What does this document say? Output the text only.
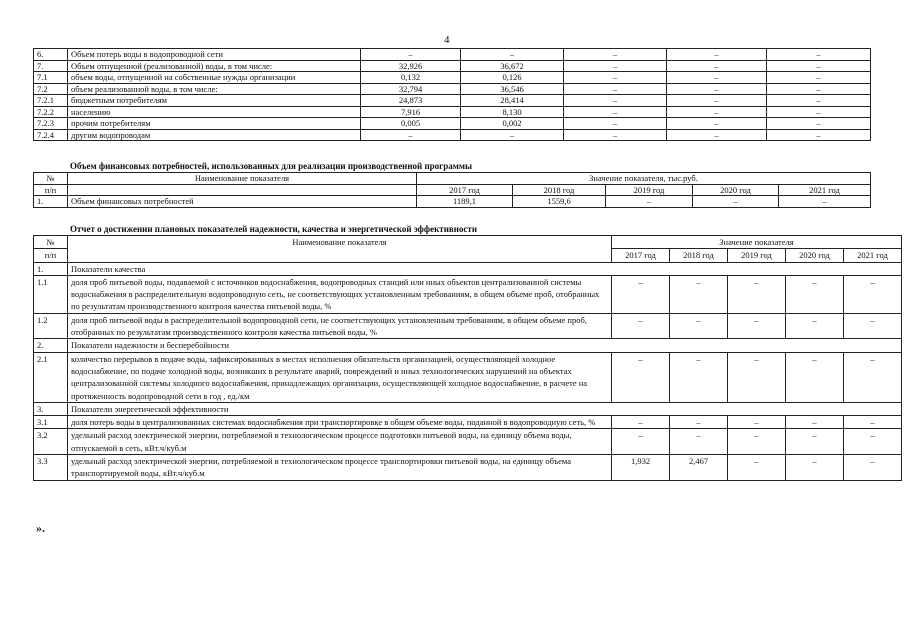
4
6.	Объем потерь воды в водопроводной сети	–	–	–	–	–
7.	Объем отпущенной (реализованной) воды, в том числе:	32,926	36,672	–	–	–
7.1	объем воды, отпущенной на собственные нужды организации	0,132	0,126	–	–	–
7.2	объем реализованной воды, в том числе:	32,794	36,546	–	–	–
7.2.1	бюджетным потребителям	24,873	28,414	–	–	–
7.2.2	населению	7,916	8,130	–	–	–
7.2.3	прочим потребителям	0,005	0,002	–	–	–
7.2.4	другим водопроводам	–	–	–	–	–
Объем финансовых потребностей, использованных для реализации производственной программы
№	Наименование показателя	Значение показателя, тыс.руб.				
п/п		2017 год	2018 год	2019 год	2020 год	2021 год
1.	Объем финансовых потребностей	1189,1	1559,6	–	–	–
Отчет о достижении плановых показателей надежности, качества и энергетической эффективности
№	Наименование показателя	Значение показателя				
п/п		2017 год	2018 год	2019 год	2020 год	2021 год
1.	Показатели качества					
1.1	доля проб питьевой воды, подаваемой с источников водоснабжения, водопроводных станций или иных объектов централизованной системы водоснабжения в распределительную водопроводную сеть, не соответствующих установленным требованиям, в общем объеме проб, отобранных по результатам производственного контроля качества питьевой воды, %	–	–	–	–	–
1.2	доля проб питьевой воды в распределительной водопроводной сети, не соответствующих установленным требованиям, в общем объеме проб, отобранных по результатам производственного контроля качества питьевой воды, %	–	–	–	–	–
2.	Показатели надежности и бесперебойности					
2.1	количество перерывов в подаче воды, зафиксированных в местах исполнения обязательств организацией, осуществляющей холодное водоснабжение, по подаче холодной воды, возникших в результате аварий, повреждений и иных технологических нарушений на объектах централизованной системы холодного водоснабжения, принадлежащих организации, осуществляющей холодное водоснабжение, в расчете на протяженность водопроводной сети в год , ед./км	–	–	–	–	–
3.	Показатели энергетической эффективности					
3.1	доля потерь воды в централизованных системах водоснабжения при транспортировке в общем объеме воды, поданной в водопроводную сеть, %	–	–	–	–	–
3.2	удельный расход электрической энергии, потребляемой в технологическом процессе подготовки питьевой воды, на единицу объема воды, отпускаемой в сеть, кВт.ч/куб.м	–	–	–	–	–
3.3	удельный расход электрической энергии, потребляемой в технологическом процессе транспортировки питьевой воды, на единицу объема транспортируемой воды, кВт.ч/куб.м	1,932	2,467	–	–	–
».
